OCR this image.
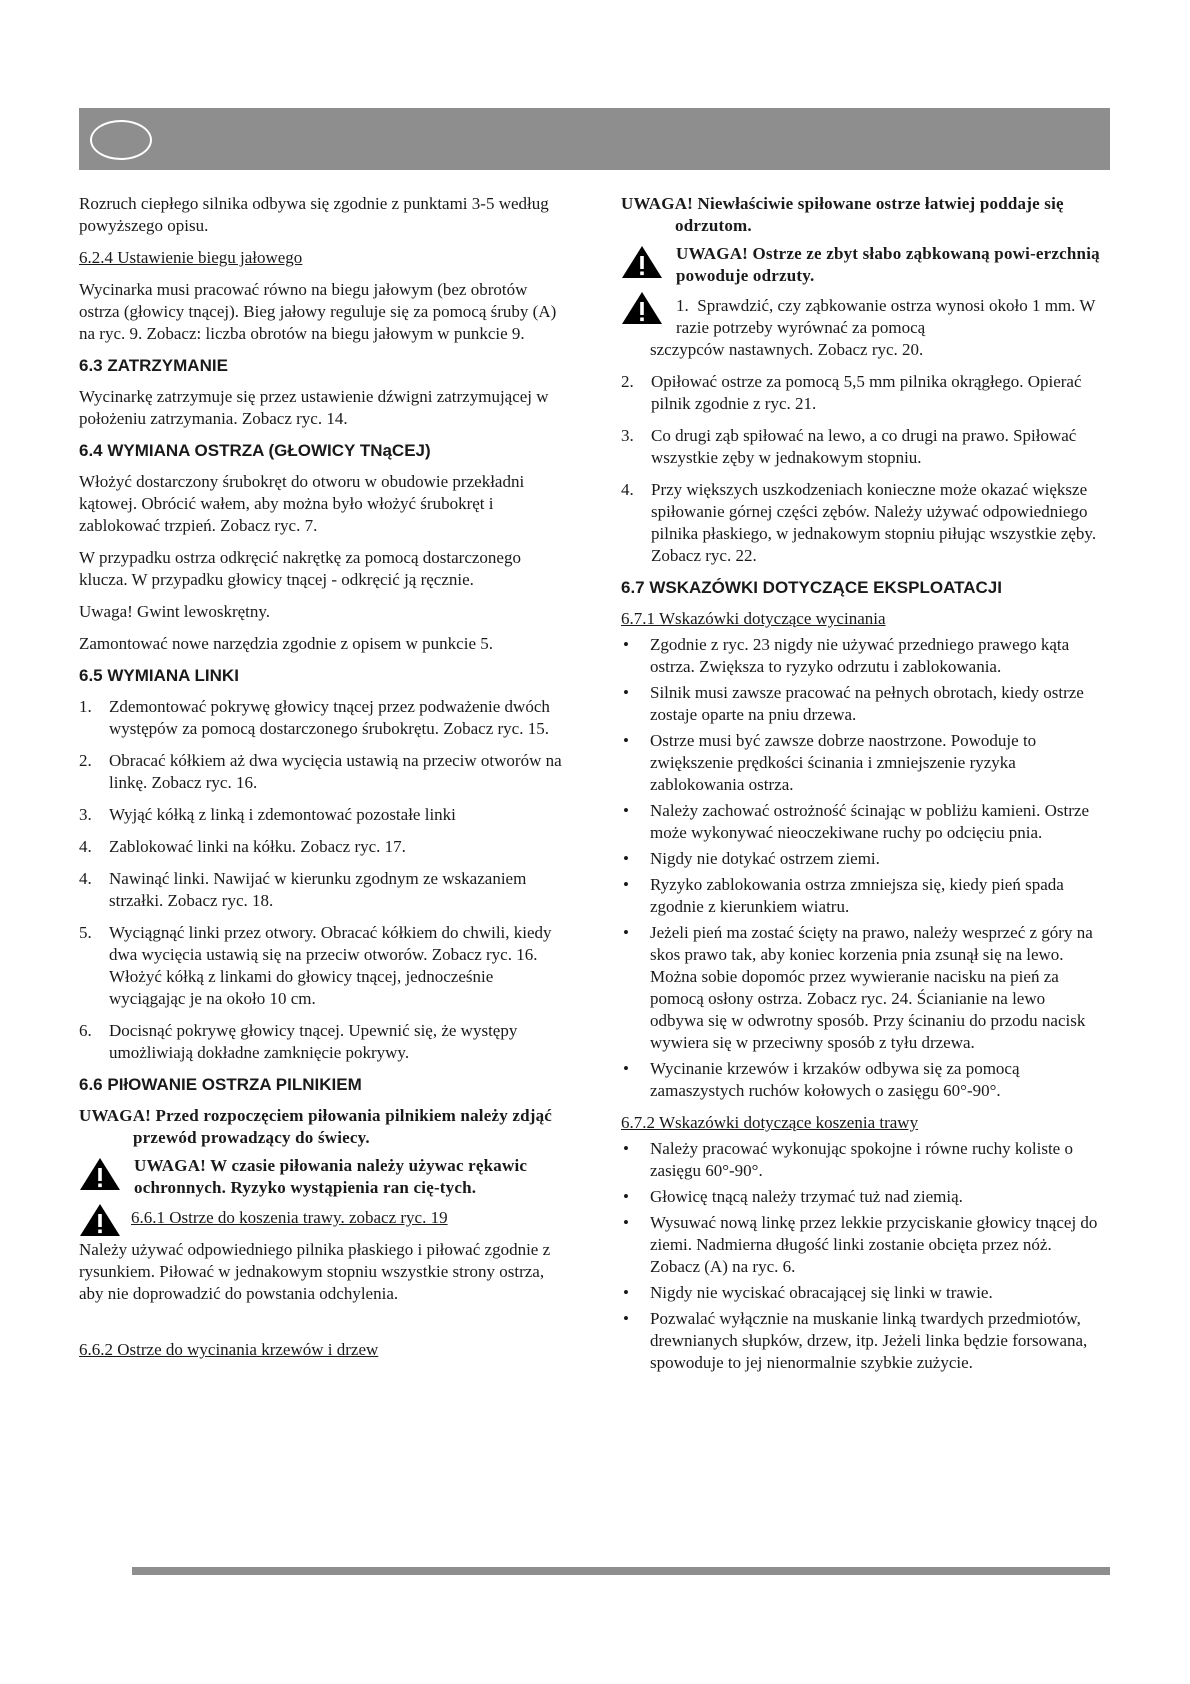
Rozruch ciepłego silnika odbywa się zgodnie z punktami 3-5 według powyższego opisu.

6.2.4 Ustawienie biegu jałowego

Wycinarka musi pracować równo na biegu jałowym (bez obrotów ostrza (głowicy tnącej). Bieg jałowy reguluje się za pomocą śruby (A) na ryc. 9. Zobacz: liczba obrotów na biegu jałowym w punkcie 9.

6.3 ZATRZYMANIE

Wycinarkę zatrzymuje się przez ustawienie dźwigni zatrzymującej w położeniu zatrzymania. Zobacz ryc. 14.

6.4 WYMIANA OSTRZA (GŁOWICY TNąCEJ)

Włożyć dostarczony śrubokręt do otworu w obudowie przekładni kątowej. Obrócić wałem, aby można było włożyć śrubokręt i zablokować trzpień. Zobacz ryc. 7.

W przypadku ostrza odkręcić nakrętkę za pomocą dostarczonego klucza. W przypadku głowicy tnącej - odkręcić ją ręcznie.

Uwaga! Gwint lewoskrętny.

Zamontować nowe narzędzia zgodnie z opisem w punkcie 5.

6.5 WYMIANA LINKI
1. Zdemontować pokrywę głowicy tnącej przez podważenie dwóch występów za pomocą dostarczonego śrubokrętu. Zobacz ryc. 15.
2. Obracać kółkiem aż dwa wycięcia ustawią na przeciw otworów na linkę. Zobacz ryc. 16.
3. Wyjąć kółką z linką i zdemontować pozostałe linki
4. Zablokować linki na kółku. Zobacz ryc. 17.
4. Nawinąć linki. Nawijać w kierunku zgodnym ze wskazaniem strzałki. Zobacz ryc. 18.
5. Wyciągnąć linki przez otwory. Obracać kółkiem do chwili, kiedy dwa wycięcia ustawią się na przeciw otworów. Zobacz ryc. 16. Włożyć kółką z linkami do głowicy tnącej, jednocześnie wyciągając je na około 10 cm.
6. Docisnąć pokrywę głowicy tnącej. Upewnić się, że występy umożliwiają dokładne zamknięcie pokrywy.
6.6 PIłOWANIE OSTRZA PILNIKIEM
UWAGA! Przed rozpoczęciem piłowania pilnikiem należy zdjąć przewód prowadzący do świecy.
UWAGA! W czasie piłowania należy używac rękawic ochronnych. Ryzyko wystąpienia ran cię-tych.

6.6.1 Ostrze do koszenia trawy. zobacz ryc. 19

Należy używać odpowiedniego pilnika płaskiego i piłować zgodnie z rysunkiem. Piłować w jednakowym stopniu wszystkie strony ostrza, aby nie doprowadzić do powstania odchylenia.

6.6.2 Ostrze do wycinania krzewów i drzew

UWAGA! Niewłaściwie spiłowane ostrze łatwiej poddaje się odrzutom.
UWAGA! Ostrze ze zbyt słabo ząbkowaną powi-erzchnią powoduje odrzuty.

1. Sprawdzić, czy ząbkowanie ostrza wynosi około 1 mm. W razie potrzeby wyrównać za pomocą

szczypców nastawnych. Zobacz ryc. 20.

2. Opiłować ostrze za pomocą 5,5 mm pilnika okrągłego. Opierać pilnik zgodnie z ryc. 21.
3. Co drugi ząb spiłować na lewo, a co drugi na prawo. Spiłować wszystkie zęby w jednakowym stopniu.
4. Przy większych uszkodzeniach konieczne może okazać większe spiłowanie górnej części zębów. Należy używać odpowiedniego pilnika płaskiego, w jednakowym stopniu piłując wszystkie zęby. Zobacz ryc. 22.
6.7 WSKAZÓWKI DOTYCZĄCE EKSPLOATACJI

6.7.1 Wskazówki dotyczące wycinania

• Zgodnie z ryc. 23 nigdy nie używać przedniego prawego kąta ostrza. Zwiększa to ryzyko odrzutu i zablokowania.
• Silnik musi zawsze pracować na pełnych obrotach, kiedy ostrze zostaje oparte na pniu drzewa.
• Ostrze musi być zawsze dobrze naostrzone. Powoduje to zwiększenie prędkości ścinania i zmniejszenie ryzyka zablokowania ostrza.
• Należy zachować ostrożność ścinając w pobliżu kamieni. Ostrze może wykonywać nieoczekiwane ruchy po odcięciu pnia.
• Nigdy nie dotykać ostrzem ziemi.
• Ryzyko zablokowania ostrza zmniejsza się, kiedy pień spada zgodnie z kierunkiem wiatru.
• Jeżeli pień ma zostać ścięty na prawo, należy wesprzeć z góry na skos prawo tak, aby koniec korzenia pnia zsunął się na lewo. Można sobie dopomóc przez wywieranie nacisku na pień za pomocą osłony ostrza. Zobacz ryc. 24. Ścianianie na lewo odbywa się w odwrotny sposób. Przy ścinaniu do przodu nacisk wywiera się w przeciwny sposób z tyłu drzewa.
• Wycinanie krzewów i krzaków odbywa się za pomocą zamaszystych ruchów kołowych o zasięgu 60°-90°.

6.7.2 Wskazówki dotyczące koszenia trawy

• Należy pracować wykonując spokojne i równe ruchy koliste o zasięgu 60°-90°.
• Głowicę tnącą należy trzymać tuż nad ziemią.
• Wysuwać nową linkę przez lekkie przyciskanie głowicy tnącej do ziemi. Nadmierna długość linki zostanie obcięta przez nóż. Zobacz (A) na ryc. 6.
• Nigdy nie wyciskać obracającej się linki w trawie.
• Pozwalać wyłącznie na muskanie linką twardych przedmiotów, drewnianych słupków, drzew, itp. Jeżeli linka będzie forsowana, spowoduje to jej nienormalnie szybkie zużycie.
